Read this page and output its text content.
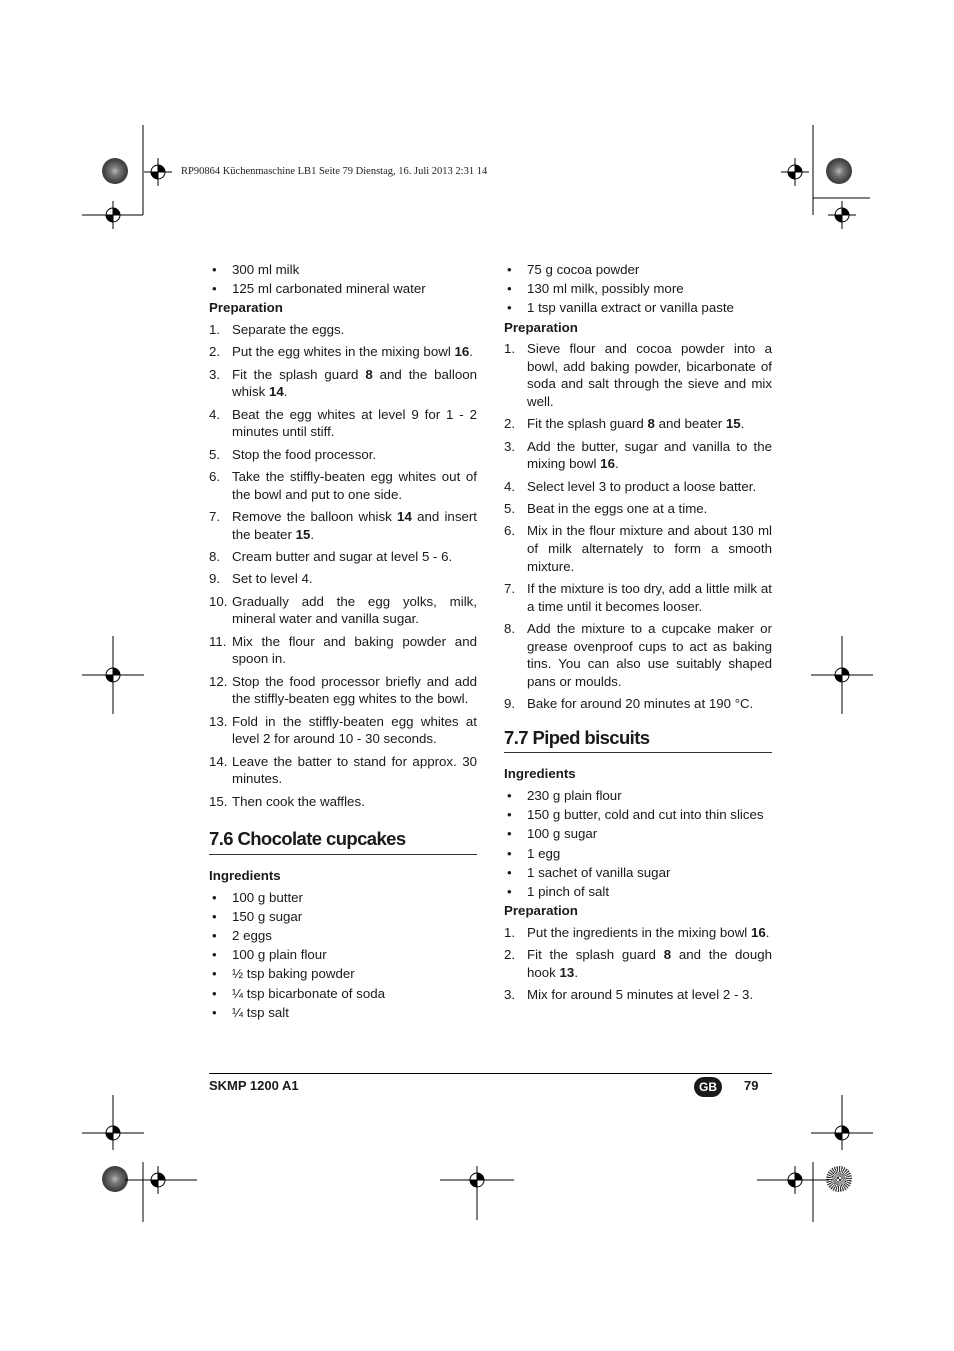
RP90864 Küchenmaschine LB1 Seite 79 Dienstag, 16. Juli 2013 2:31 14
• 300 ml milk
• 125 ml carbonated mineral water
Preparation
1. Separate the eggs.
2. Put the egg whites in the mixing bowl 16.
3. Fit the splash guard 8 and the balloon whisk 14.
4. Beat the egg whites at level 9 for 1 - 2 minutes until stiff.
5. Stop the food processor.
6. Take the stiffly-beaten egg whites out of the bowl and put to one side.
7. Remove the balloon whisk 14 and insert the beater 15.
8. Cream butter and sugar at level 5 - 6.
9. Set to level 4.
10. Gradually add the egg yolks, milk, mineral water and vanilla sugar.
11. Mix the flour and baking powder and spoon in.
12. Stop the food processor briefly and add the stiffly-beaten egg whites to the bowl.
13. Fold in the stiffly-beaten egg whites at level 2 for around 10 - 30 seconds.
14. Leave the batter to stand for approx. 30 minutes.
15. Then cook the waffles.
7.6 Chocolate cupcakes
Ingredients
• 100 g butter
• 150 g sugar
• 2 eggs
• 100 g plain flour
• ½ tsp baking powder
• ¼ tsp bicarbonate of soda
• ¼ tsp salt
• 75 g cocoa powder
• 130 ml milk, possibly more
• 1 tsp vanilla extract or vanilla paste
Preparation
1. Sieve flour and cocoa powder into a bowl, add baking powder, bicarbonate of soda and salt through the sieve and mix well.
2. Fit the splash guard 8 and beater 15.
3. Add the butter, sugar and vanilla to the mixing bowl 16.
4. Select level 3 to product a loose batter.
5. Beat in the eggs one at a time.
6. Mix in the flour mixture and about 130 ml of milk alternately to form a smooth mixture.
7. If the mixture is too dry, add a little milk at a time until it becomes looser.
8. Add the mixture to a cupcake maker or grease ovenproof cups to act as baking tins. You can also use suitably shaped pans or moulds.
9. Bake for around 20 minutes at 190 °C.
7.7 Piped biscuits
Ingredients
• 230 g plain flour
• 150 g butter, cold and cut into thin slices
• 100 g sugar
• 1 egg
• 1 sachet of vanilla sugar
• 1 pinch of salt
Preparation
1. Put the ingredients in the mixing bowl 16.
2. Fit the splash guard 8 and the dough hook 13.
3. Mix for around 5 minutes at level 2 - 3.
SKMP 1200 A1	GB	79
